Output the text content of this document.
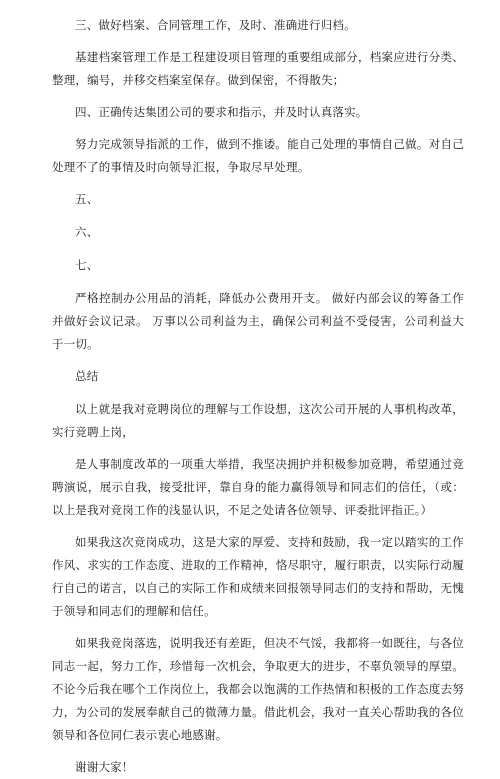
三、做好档案、合同管理工作，及时、准确进行归档。

基建档案管理工作是工程建设项目管理的重要组成部分，档案应进行分类、整理，编号，并移交档案室保存。做到保密，不得散失；

四、正确传达集团公司的要求和指示，并及时认真落实。

努力完成领导指派的工作，做到不推诿。能自己处理的事情自己做。对自己处理不了的事情及时向领导汇报，争取尽早处理。

五、

六、

七、

严格控制办公用品的消耗，降低办公费用开支。 做好内部会议的筹备工作并做好会议记录。 万事以公司利益为主，确保公司利益不受侵害，公司利益大于一切。

总结

以上就是我对竞聘岗位的理解与工作设想，这次公司开展的人事机构改革，实行竞聘上岗，

是人事制度改革的一项重大举措，我坚决拥护并积极参加竞聘，希望通过竞聘演说，展示自我，接受批评，靠自身的能力赢得领导和同志们的信任，（或：以上是我对竞岗工作的浅显认识，不足之处请各位领导、评委批评指正。）

如果我这次竞岗成功，这是大家的厚爱、支持和鼓励，我一定以踏实的工作作风、求实的工作态度、进取的工作精神，恪尽职守，履行职责，以实际行动履行自己的诺言，以自己的实际工作和成绩来回报领导同志们的支持和帮助，无愧于领导和同志们的理解和信任。

如果我竞岗落选，说明我还有差距，但决不气馁，我都将一如既往，与各位同志一起，努力工作，珍惜每一次机会，争取更大的进步，不辜负领导的厚望。不论今后我在哪个工作岗位上，我都会以饱满的工作热情和积极的工作态度去努力，为公司的发展奉献自己的微薄力量。借此机会，我对一直关心帮助我的各位领导和各位同仁表示衷心地感谢。

谢谢大家！
